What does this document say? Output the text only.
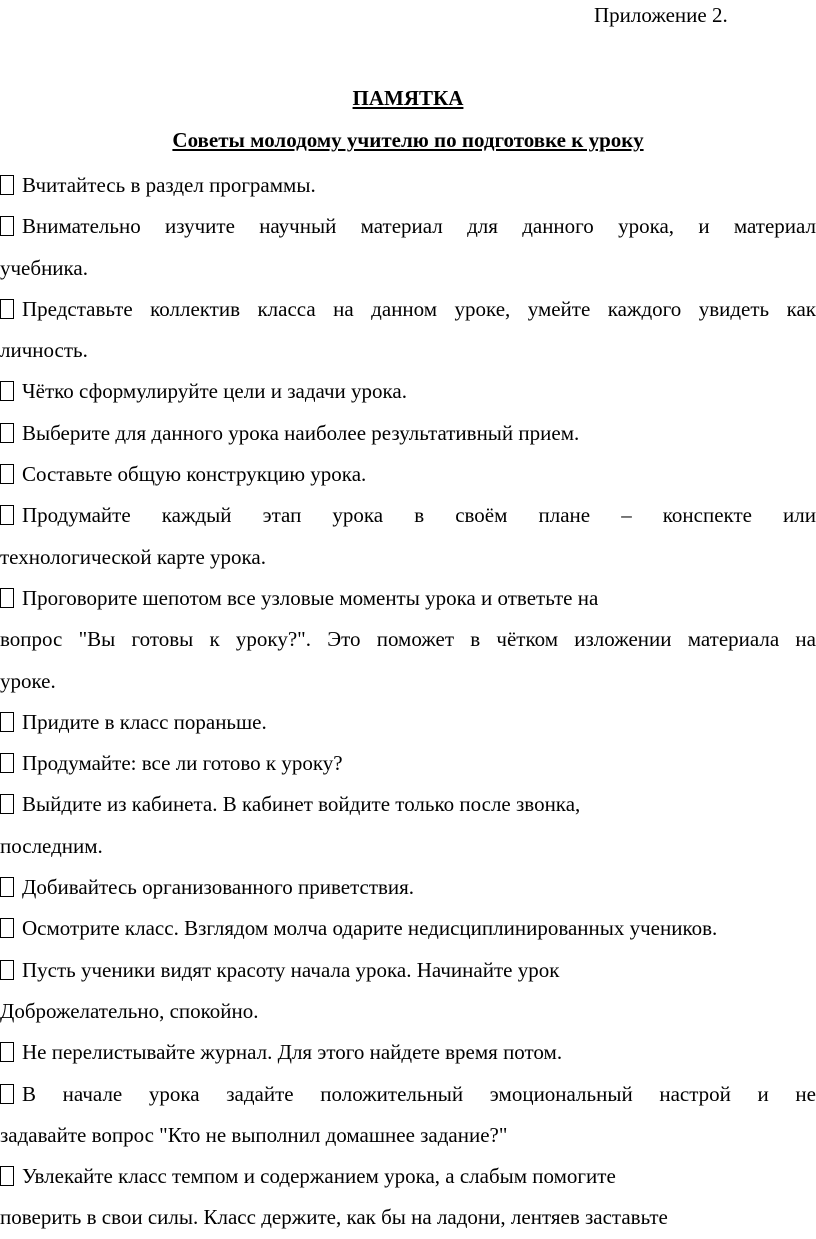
Приложение 2.
ПАМЯТКА
Советы молодому учителю по подготовке к уроку
Вчитайтесь в раздел программы.
Внимательно изучите научный материал для данного урока, и материал
учебника.
Представьте коллектив класса на данном уроке, умейте каждого увидеть как
личность.
Чётко сформулируйте цели и задачи урока.
Выберите для данного урока наиболее результативный прием.
Составьте общую конструкцию урока.
Продумайте каждый этап урока в своём плане – конспекте или
технологической карте урока.
Проговорите шепотом все узловые моменты урока и ответьте на
вопрос "Вы готовы к уроку?". Это поможет в чётком изложении материала на
уроке.
Придите в класс пораньше.
Продумайте: все ли готово к уроку?
Выйдите из кабинета. В кабинет войдите только после звонка,
последним.
Добивайтесь организованного приветствия.
Осмотрите класс. Взглядом молча одарите недисциплинированных учеников.
Пусть ученики видят красоту начала урока. Начинайте урок
Доброжелательно, спокойно.
Не перелистывайте журнал. Для этого найдете время потом.
В начале урока задайте положительный эмоциональный настрой и не
задавайте вопрос "Кто не выполнил домашнее задание?"
Увлекайте класс темпом и содержанием урока, а слабым помогите
поверить в свои силы. Класс держите, как бы на ладони, лентяев заставьте
